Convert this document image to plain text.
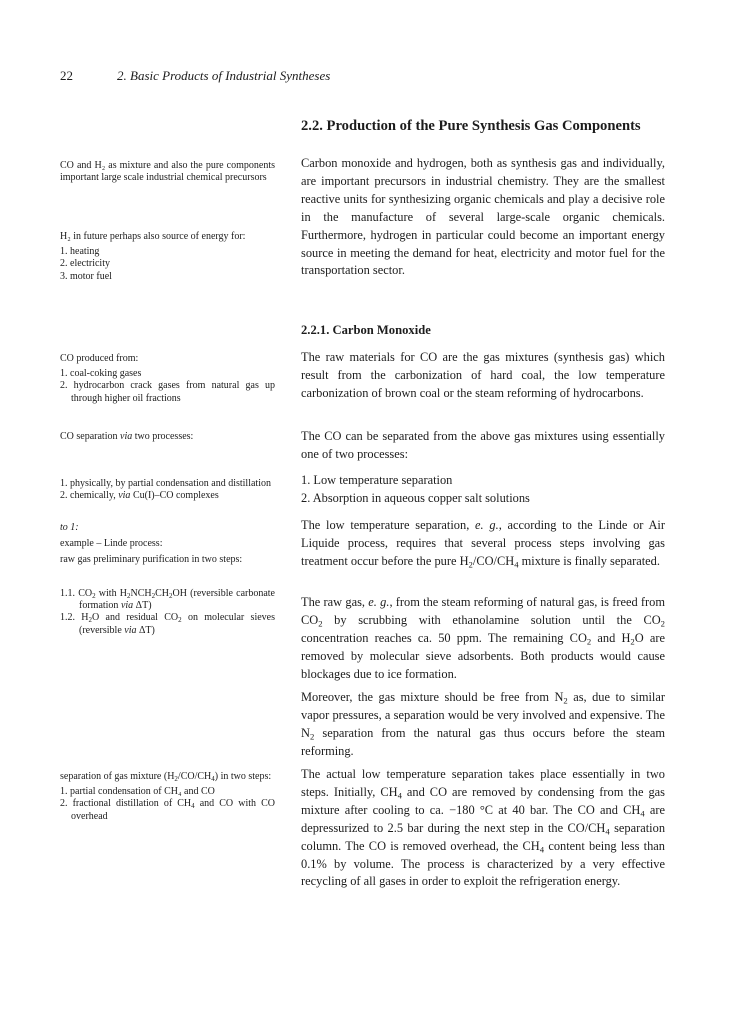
22	2. Basic Products of Industrial Syntheses
2.2. Production of the Pure Synthesis Gas Components
2.2.1. Carbon Monoxide

Carbon monoxide and hydrogen, both as synthesis gas and individually, are important precursors in industrial chemistry. They are the smallest reactive units for synthesizing organic chemicals and play a decisive role in the manufacture of several large-scale organic chemicals. Furthermore, hydrogen in particular could become an important energy source in meeting the demand for heat, electricity and motor fuel for the transportation sector.

The raw materials for CO are the gas mixtures (synthesis gas) which result from the carbonization of hard coal, the low temperature carbonization of brown coal or the steam reforming of hydrocarbons.

The CO can be separated from the above gas mixtures using essentially one of two processes:

1. Low temperature separation

2. Absorption in aqueous copper salt solutions

The low temperature separation, e. g., according to the Linde or Air Liquide process, requires that several process steps involving gas treatment occur before the pure $H_2/CO/CH_4$ mixture is finally separated.

The raw gas, e. g., from the steam reforming of natural gas, is freed from $CO_2$ by scrubbing with ethanolamine solution until the $CO_2$ concentration reaches ca. 50 ppm. The remaining $CO_2$ and $H_2O$ are removed by molecular sieve adsorbents. Both products would cause blockages due to ice formation.

Moreover, the gas mixture should be free from $N_2$ as, due to similar vapor pressures, a separation would be very involved and expensive. The $N_2$ separation from the natural gas thus occurs before the steam reforming.

The actual low temperature separation takes place essentially in two steps. Initially, $CH_4$ and CO are removed by condensing from the gas mixture after cooling to ca. −180 °C at 40 bar. The CO and $CH_4$ are depressurized to 2.5 bar during the next step in the $CO/CH_4$ separation column. The CO is removed overhead, the $CH_4$ content being less than 0.1% by volume. The process is characterized by a very effective recycling of all gases in order to exploit the refrigeration energy.

CO and H₂ as mixture and also the pure components important large scale industrial chemical precursors

H₂ in future perhaps also source of energy for:

1. heating

2. electricity

3. motor fuel

CO produced from:

1. coal-coking gases

2. hydrocarbon crack gases from natural gas up through higher oil fractions

CO separation via two processes:

1. physically, by partial condensation and distillation

2. chemically, via Cu(I)–CO complexes

to 1:

example – Linde process:

raw gas preliminary purification in two steps:

1.1. $CO_2$ with $H_2NCH_2CH_2OH$ (reversible carbonate formation via ΔT)

1.2. $H_2O$ and residual $CO_2$ on molecular sieves (reversible via ΔT)

separation of gas mixture $(H_2/CO/CH_4)$ in two steps:

1. partial condensation of CH₄ and CO

2. fractional distillation of $CH_4$ and CO with CO overhead
